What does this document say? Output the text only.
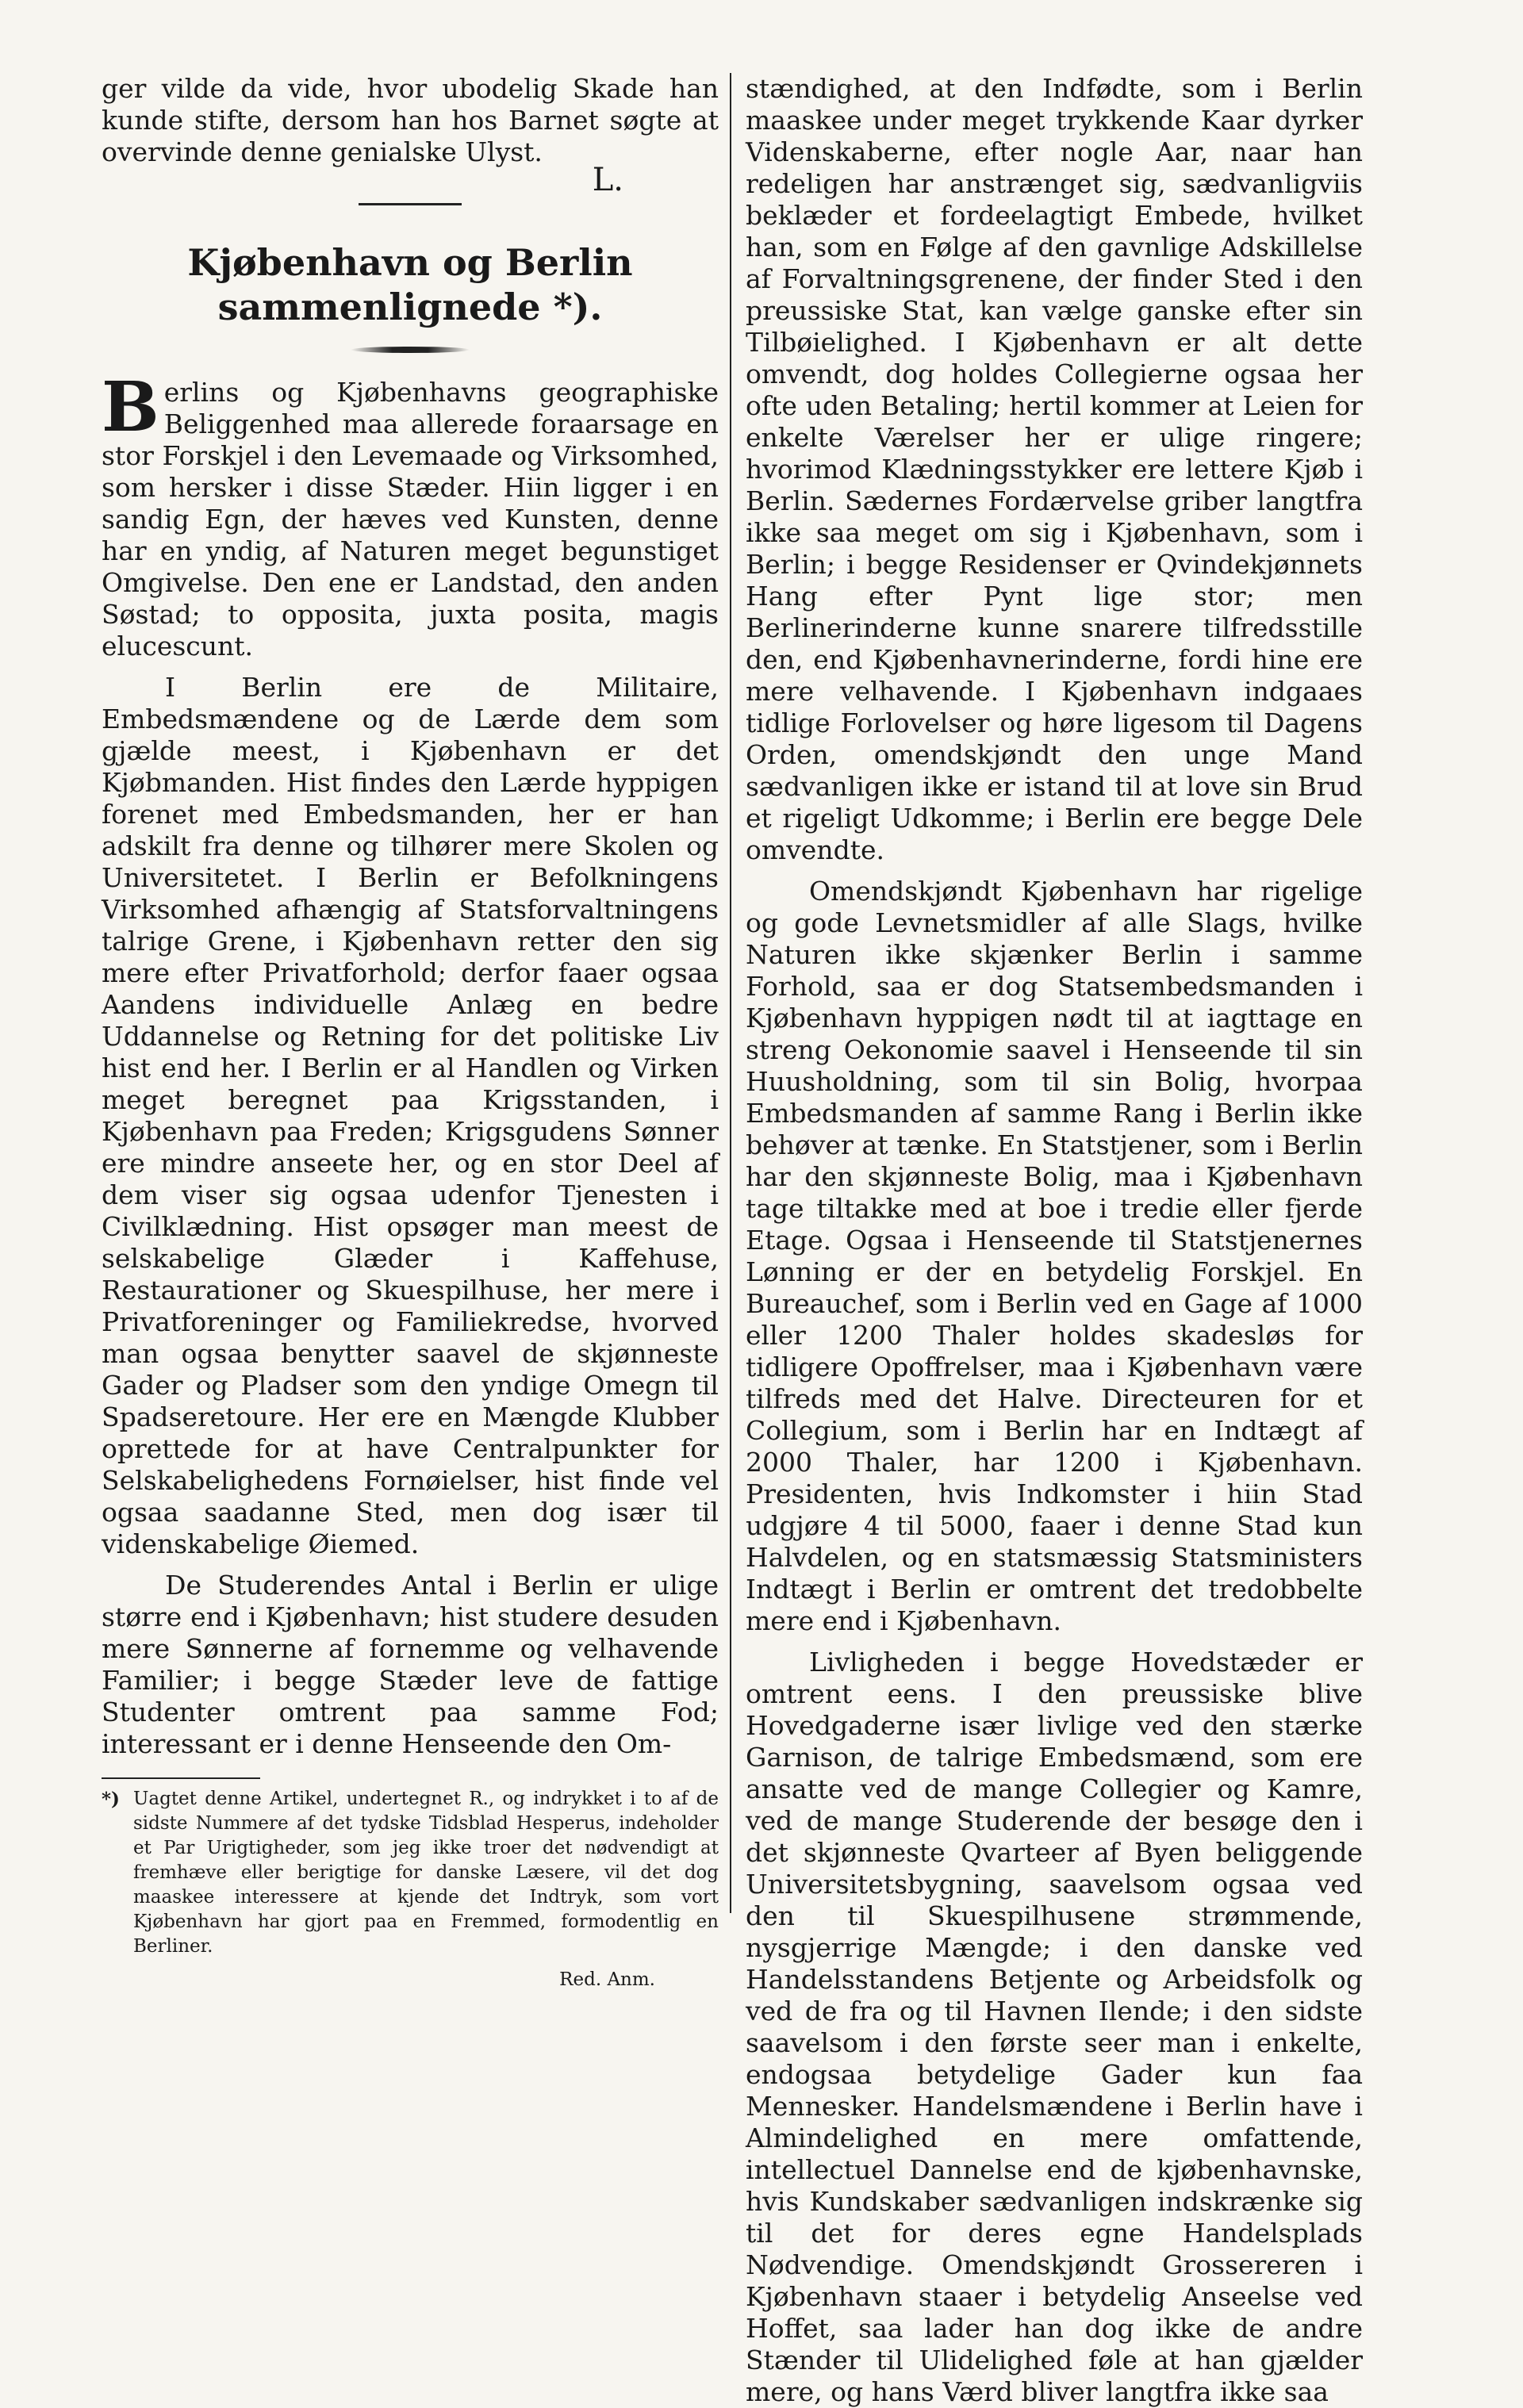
ger vilde da vide, hvor ubodelig Skade han kunde stifte, dersom han hos Barnet søgte at overvinde denne genialske Ulyst.

L.

Kjøbenhavn og Berlin sammenlignede *).

Berlins og Kjøbenhavns geographiske Beliggenhed maa allerede foraarsage en stor Forskjel i den Levemaade og Virksomhed, som hersker i disse Stæder. Hiin ligger i en sandig Egn, der hæves ved Kunsten, denne har en yndig, af Naturen meget begunstiget Omgivelse. Den ene er Landstad, den anden Søstad; to opposita, juxta posita, magis elucescunt.

I Berlin ere de Militaire, Embedsmændene og de Lærde dem som gjælde meest, i Kjøbenhavn er det Kjøbmanden. Hist findes den Lærde hyppigen forenet med Embedsmanden, her er han adskilt fra denne og tilhører mere Skolen og Universitetet. I Berlin er Befolkningens Virksomhed afhængig af Statsforvaltningens talrige Grene, i Kjøbenhavn retter den sig mere efter Privatforhold; derfor faaer ogsaa Aandens individuelle Anlæg en bedre Uddannelse og Retning for det politiske Liv hist end her. I Berlin er al Handlen og Virken meget beregnet paa Krigsstanden, i Kjøbenhavn paa Freden; Krigsgudens Sønner ere mindre anseete her, og en stor Deel af dem viser sig ogsaa udenfor Tjenesten i Civilklædning. Hist opsøger man meest de selskabelige Glæder i Kaffehuse, Restaurationer og Skuespilhuse, her mere i Privatforeninger og Familiekredse, hvorved man ogsaa benytter saavel de skjønneste Gader og Pladser som den yndige Omegn til Spadseretoure. Her ere en Mængde Klubber oprettede for at have Centralpunkter for Selskabelighedens Fornøielser, hist finde vel ogsaa saadanne Sted, men dog især til videnskabelige Øiemed.

De Studerendes Antal i Berlin er ulige større end i Kjøbenhavn; hist studere desuden mere Sønnerne af fornemme og velhavende Familier; i begge Stæder leve de fattige Studenter omtrent paa samme Fod; interessant er i denne Henseende den Om-

*) Uagtet denne Artikel, undertegnet R., og indrykket i to af de sidste Nummere af det tydske Tidsblad Hesperus, indeholder et Par Urigtigheder, som jeg ikke troer det nødvendigt at fremhæve eller berigtige for danske Læsere, vil det dog maaskee interessere at kjende det Indtryk, som vort Kjøbenhavn har gjort paa en Fremmed, formodentlig en Berliner.

Red. Anm.

stændighed, at den Indfødte, som i Berlin maaskee under meget trykkende Kaar dyrker Videnskaberne, efter nogle Aar, naar han redeligen har anstrænget sig, sædvanligviis beklæder et fordeelagtigt Embede, hvilket han, som en Følge af den gavnlige Adskillelse af Forvaltningsgrenene, der finder Sted i den preussiske Stat, kan vælge ganske efter sin Tilbøielighed. I Kjøbenhavn er alt dette omvendt, dog holdes Collegierne ogsaa her ofte uden Betaling; hertil kommer at Leien for enkelte Værelser her er ulige ringere; hvorimod Klædningsstykker ere lettere Kjøb i Berlin. Sædernes Fordærvelse griber langtfra ikke saa meget om sig i Kjøbenhavn, som i Berlin; i begge Residenser er Qvindekjønnets Hang efter Pynt lige stor; men Berlinerinderne kunne snarere tilfredsstille den, end Kjøbenhavnerinderne, fordi hine ere mere velhavende. I Kjøbenhavn indgaaes tidlige Forlovelser og høre ligesom til Dagens Orden, omendskjøndt den unge Mand sædvanligen ikke er istand til at love sin Brud et rigeligt Udkomme; i Berlin ere begge Dele omvendte.

Omendskjøndt Kjøbenhavn har rigelige og gode Levnetsmidler af alle Slags, hvilke Naturen ikke skjænker Berlin i samme Forhold, saa er dog Statsembedsmanden i Kjøbenhavn hyppigen nødt til at iagttage en streng Oekonomie saavel i Henseende til sin Huusholdning, som til sin Bolig, hvorpaa Embedsmanden af samme Rang i Berlin ikke behøver at tænke. En Statstjener, som i Berlin har den skjønneste Bolig, maa i Kjøbenhavn tage tiltakke med at boe i tredie eller fjerde Etage. Ogsaa i Henseende til Statstjenernes Lønning er der en betydelig Forskjel. En Bureauchef, som i Berlin ved en Gage af 1000 eller 1200 Thaler holdes skadesløs for tidligere Opoffrelser, maa i Kjøbenhavn være tilfreds med det Halve. Directeuren for et Collegium, som i Berlin har en Indtægt af 2000 Thaler, har 1200 i Kjøbenhavn. Presidenten, hvis Indkomster i hiin Stad udgjøre 4 til 5000, faaer i denne Stad kun Halvdelen, og en statsmæssig Statsministers Indtægt i Berlin er omtrent det tredobbelte mere end i Kjøbenhavn.

Livligheden i begge Hovedstæder er omtrent eens. I den preussiske blive Hovedgaderne især livlige ved den stærke Garnison, de talrige Embedsmænd, som ere ansatte ved de mange Collegier og Kamre, ved de mange Studerende der besøge den i det skjønneste Qvarteer af Byen beliggende Universitetsbygning, saavelsom ogsaa ved den til Skuespilhusene strømmende, nysgjerrige Mængde; i den danske ved Handelsstandens Betjente og Arbeidsfolk og ved de fra og til Havnen Ilende; i den sidste saavelsom i den første seer man i enkelte, endogsaa betydelige Gader kun faa Mennesker. Handelsmændene i Berlin have i Almindelighed en mere omfattende, intellectuel Dannelse end de kjøbenhavnske, hvis Kundskaber sædvanligen indskrænke sig til det for deres egne Handelsplads Nødvendige. Omendskjøndt Grossereren i Kjøbenhavn staaer i betydelig Anseelse ved Hoffet, saa lader han dog ikke de andre Stænder til Ulidelighed føle at han gjælder mere, og hans Værd bliver langtfra ikke saa
